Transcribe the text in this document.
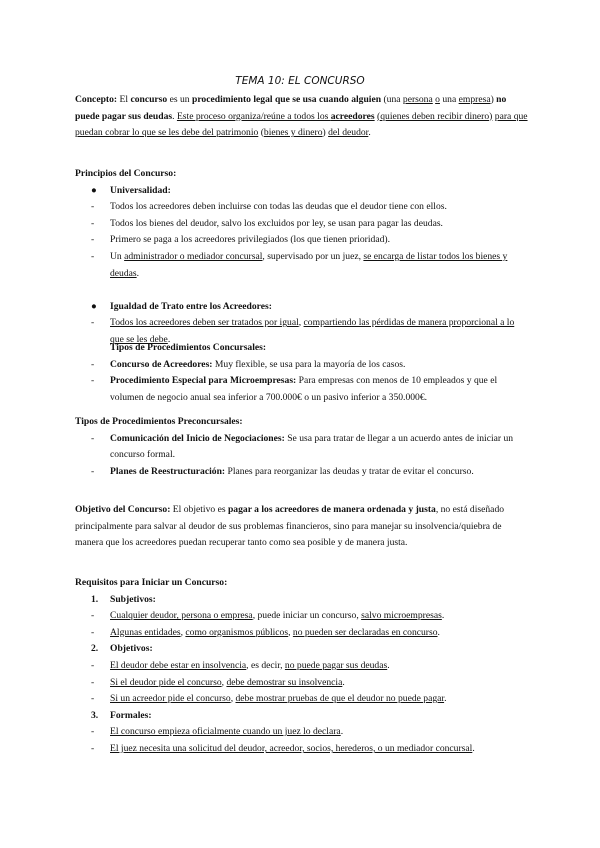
TEMA 10: EL CONCURSO
Concepto: El concurso es un procedimiento legal que se usa cuando alguien (una persona o una empresa) no puede pagar sus deudas. Este proceso organiza/reúne a todos los acreedores (quienes deben recibir dinero) para que puedan cobrar lo que se les debe del patrimonio (bienes y dinero) del deudor.
Principios del Concurso:
● Universalidad:
- Todos los acreedores deben incluirse con todas las deudas que el deudor tiene con ellos.
- Todos los bienes del deudor, salvo los excluidos por ley, se usan para pagar las deudas.
- Primero se paga a los acreedores privilegiados (los que tienen prioridad).
- Un administrador o mediador concursal, supervisado por un juez, se encarga de listar todos los bienes y deudas.
● Igualdad de Trato entre los Acreedores:
- Todos los acreedores deben ser tratados por igual, compartiendo las pérdidas de manera proporcional a lo que se les debe.
Tipos de Procedimientos Concursales:
- Concurso de Acreedores: Muy flexible, se usa para la mayoría de los casos.
- Procedimiento Especial para Microempresas: Para empresas con menos de 10 empleados y que el volumen de negocio anual sea inferior a 700.000€ o un pasivo inferior a 350.000€.
Tipos de Procedimientos Preconcursales:
- Comunicación del Inicio de Negociaciones: Se usa para tratar de llegar a un acuerdo antes de iniciar un concurso formal.
- Planes de Reestructuración: Planes para reorganizar las deudas y tratar de evitar el concurso.
Objetivo del Concurso: El objetivo es pagar a los acreedores de manera ordenada y justa, no está diseñado principalmente para salvar al deudor de sus problemas financieros, sino para manejar su insolvencia/quiebra de manera que los acreedores puedan recuperar tanto como sea posible y de manera justa.
Requisitos para Iniciar un Concurso:
1. Subjetivos:
- Cualquier deudor, persona o empresa, puede iniciar un concurso, salvo microempresas.
- Algunas entidades, como organismos públicos, no pueden ser declaradas en concurso.
2. Objetivos:
- El deudor debe estar en insolvencia, es decir, no puede pagar sus deudas.
- Si el deudor pide el concurso, debe demostrar su insolvencia.
- Si un acreedor pide el concurso, debe mostrar pruebas de que el deudor no puede pagar.
3. Formales:
- El concurso empieza oficialmente cuando un juez lo declara.
- El juez necesita una solicitud del deudor, acreedor, socios, herederos, o un mediador concursal.
